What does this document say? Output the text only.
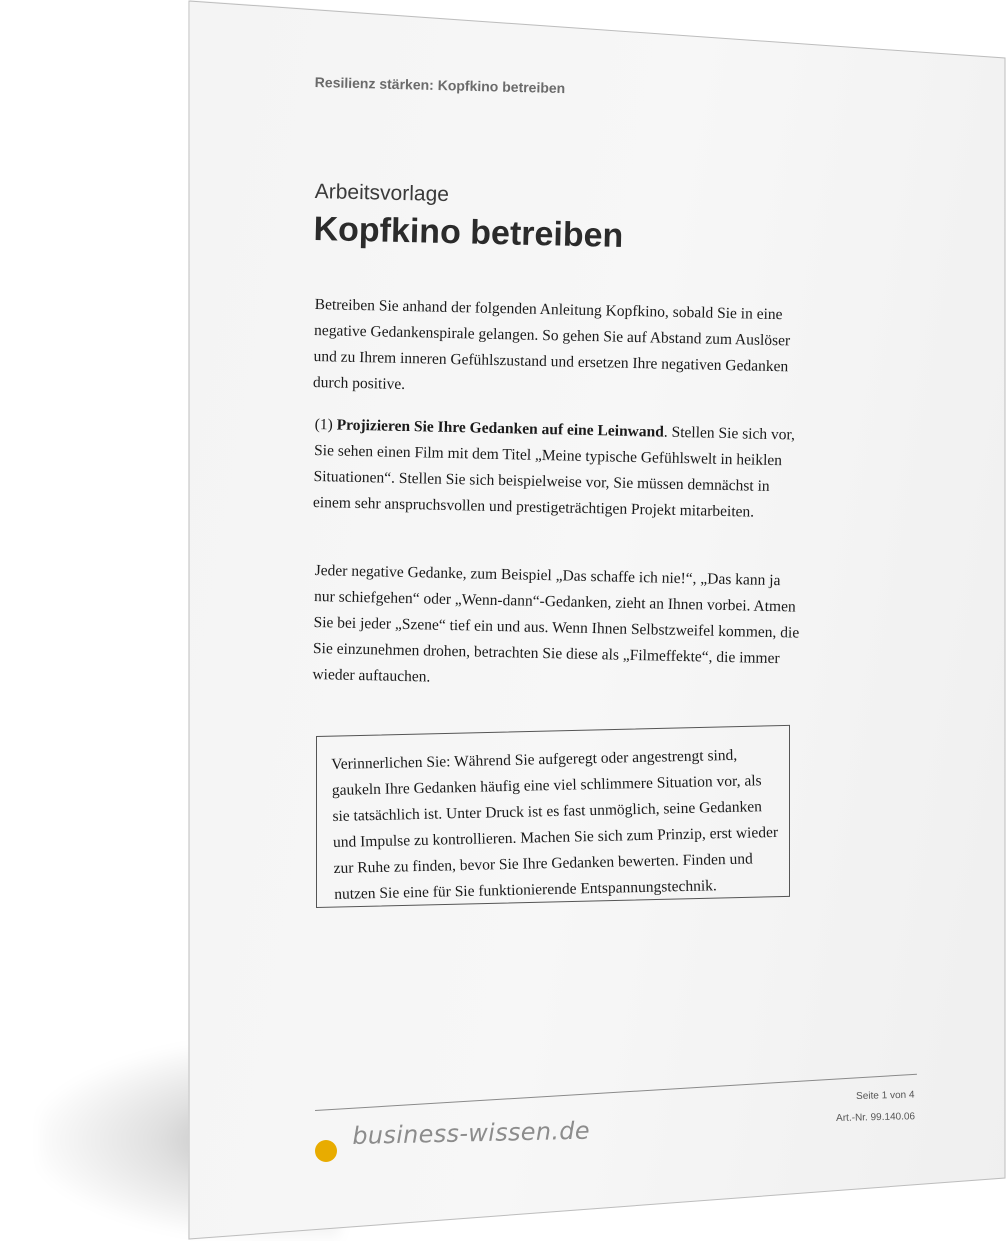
Resilienz stärken: Kopfkino betreiben
Arbeitsvorlage
Kopfkino betreiben
Betreiben Sie anhand der folgenden Anleitung Kopfkino, sobald Sie in eine negative Gedankenspirale gelangen. So gehen Sie auf Abstand zum Auslöser und zu Ihrem inneren Gefühlszustand und ersetzen Ihre negativen Gedanken durch positive.
(1) Projizieren Sie Ihre Gedanken auf eine Leinwand. Stellen Sie sich vor, Sie sehen einen Film mit dem Titel „Meine typische Gefühlswelt in heiklen Situationen“. Stellen Sie sich beispielweise vor, Sie müssen demnächst in einem sehr anspruchsvollen und prestigeträchtigen Projekt mitarbeiten.
Jeder negative Gedanke, zum Beispiel „Das schaffe ich nie!“, „Das kann ja nur schiefgehen“ oder „Wenn-dann“-Gedanken, zieht an Ihnen vorbei. Atmen Sie bei jeder „Szene“ tief ein und aus. Wenn Ihnen Selbstzweifel kommen, die Sie einzunehmen drohen, betrachten Sie diese als „Filmeffekte“, die immer wieder auftauchen.
Verinnerlichen Sie: Während Sie aufgeregt oder angestrengt sind, gaukeln Ihre Gedanken häufig eine viel schlimmere Situation vor, als sie tatsächlich ist. Unter Druck ist es fast unmöglich, seine Gedanken und Impulse zu kontrollieren. Machen Sie sich zum Prinzip, erst wieder zur Ruhe zu finden, bevor Sie Ihre Gedanken bewerten. Finden und nutzen Sie eine für Sie funktionierende Entspannungstechnik.
Seite 1 von 4
Art.-Nr. 99.140.06
business-wissen.de
